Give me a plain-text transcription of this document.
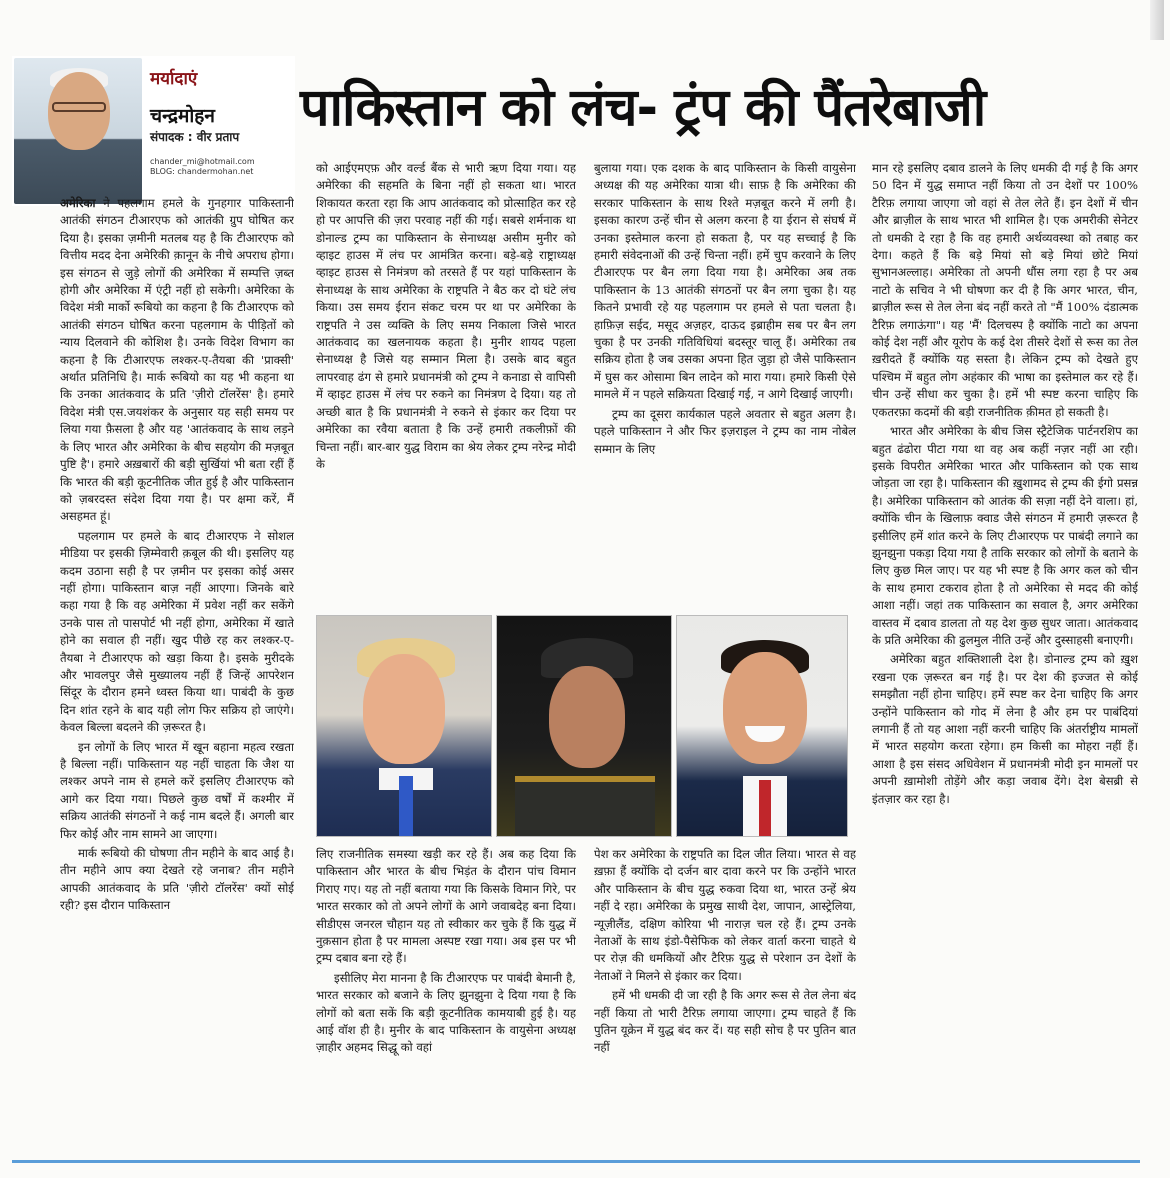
मर्यादाएं
चन्द्रमोहन
संपादक : वीर प्रताप
chander_mi@hotmail.com
BLOG: chandermohan.net
पाकिस्तान को लंच- ट्रंप की पैंतरेबाजी

अमेरिका ने पहलगाम हमले के गुनहगार पाकिस्तानी आतंकी संगठन टीआरएफ को आतंकी ग्रुप घोषित कर दिया है। इसका ज़मीनी मतलब यह है कि टीआरएफ को वित्तीय मदद देना अमेरिकी क़ानून के नीचे अपराध होगा। इस संगठन से जुड़े लोगों की अमेरिका में सम्पत्ति ज़ब्त होगी और अमेरिका में एंट्री नहीं हो सकेगी। अमेरिका के विदेश मंत्री मार्को रूबियो का कहना है कि टीआरएफ को आतंकी संगठन घोषित करना पहलगाम के पीड़ितों को न्याय दिलवाने की कोशिश है। उनके विदेश विभाग का कहना है कि टीआरएफ लश्कर-ए-तैयबा की 'प्राक्सी' अर्थात प्रतिनिधि है। मार्क रूबियो का यह भी कहना था कि उनका आतंकवाद के प्रति 'ज़ीरो टॉलरेंस' है। हमारे विदेश मंत्री एस.जयशंकर के अनुसार यह सही समय पर लिया गया फ़ैसला है और यह 'आतंकवाद के साथ लड़ने के लिए भारत और अमेरिका के बीच सहयोग की मज़बूत पुष्टि है'। हमारे अख़बारों की बड़ी सुर्खियां भी बता रहीं हैं कि भारत की बड़ी कूटनीतिक जीत हुई है और पाकिस्तान को ज़बरदस्त संदेश दिया गया है। पर क्षमा करें, मैं असहमत हूं।

पहलगाम पर हमले के बाद टीआरएफ ने सोशल मीडिया पर इसकी ज़िम्मेवारी क़बूल की थी। इसलिए यह कदम उठाना सही है पर ज़मीन पर इसका कोई असर नहीं होगा। पाकिस्तान बाज़ नहीं आएगा। जिनके बारे कहा गया है कि वह अमेरिका में प्रवेश नहीं कर सकेंगे उनके पास तो पासपोर्ट भी नहीं होगा, अमेरिका में खाते होने का सवाल ही नहीं। खुद पीछे रह कर लश्कर-ए-तैयबा ने टीआरएफ को खड़ा किया है। इसके मुरीदके और भावलपुर जैसे मुख्यालय नहीं हैं जिन्हें आपरेशन सिंदूर के दौरान हमने ध्वस्त किया था। पाबंदी के कुछ दिन शांत रहने के बाद यही लोग फिर सक्रिय हो जाएंगे। केवल बिल्ला बदलने की ज़रूरत है।

इन लोगों के लिए भारत में खून बहाना महत्व रखता है बिल्ला नहीं। पाकिस्तान यह नहीं चाहता कि जैश या लश्कर अपने नाम से हमले करें इसलिए टीआरएफ को आगे कर दिया गया। पिछले कुछ वर्षों में कश्मीर में सक्रिय आतंकी संगठनों ने कई नाम बदले हैं। अगली बार फिर कोई और नाम सामने आ जाएगा।

मार्क रूबियो की घोषणा तीन महीने के बाद आई है। तीन महीने आप क्या देखते रहे जनाब? तीन महीने आपकी आतंकवाद के प्रति 'ज़ीरो टॉलरेंस' क्यों सोई रही? इस दौरान पाकिस्तान

को आईएमएफ़ और वर्ल्ड बैंक से भारी ऋण दिया गया। यह अमेरिका की सहमति के बिना नहीं हो सकता था। भारत शिकायत करता रहा कि आप आतंकवाद को प्रोत्साहित कर रहे हो पर आपत्ति की ज़रा परवाह नहीं की गई। सबसे शर्मनाक था डोनाल्ड ट्रम्प का पाकिस्तान के सेनाध्यक्ष असीम मुनीर को व्हाइट हाउस में लंच पर आमंत्रित करना। बड़े-बड़े राष्ट्राध्यक्ष व्हाइट हाउस से निमंत्रण को तरसते हैं पर यहां पाकिस्तान के सेनाध्यक्ष के साथ अमेरिका के राष्ट्रपति ने बैठ कर दो घंटे लंच किया। उस समय ईरान संकट चरम पर था पर अमेरिका के राष्ट्रपति ने उस व्यक्ति के लिए समय निकाला जिसे भारत आतंकवाद का खलनायक कहता है। मुनीर शायद पहला सेनाध्यक्ष है जिसे यह सम्मान मिला है। उसके बाद बहुत लापरवाह ढंग से हमारे प्रधानमंत्री को ट्रम्प ने कनाडा से वापिसी में व्हाइट हाउस में लंच पर रुकने का निमंत्रण दे दिया। यह तो अच्छी बात है कि प्रधानमंत्री ने रुकने से इंकार कर दिया पर अमेरिका का रवैया बताता है कि उन्हें हमारी तकलीफ़ों की चिन्ता नहीं। बार-बार युद्ध विराम का श्रेय लेकर ट्रम्प नरेन्द्र मोदी के

बुलाया गया। एक दशक के बाद पाकिस्तान के किसी वायुसेना अध्यक्ष की यह अमेरिका यात्रा थी। साफ़ है कि अमेरिका की सरकार पाकिस्तान के साथ रिश्ते मज़बूत करने में लगी है। इसका कारण उन्हें चीन से अलग करना है या ईरान से संघर्ष में उनका इस्तेमाल करना हो सकता है, पर यह सच्चाई है कि हमारी संवेदनाओं की उन्हें चिन्ता नहीं। हमें चुप करवाने के लिए टीआरएफ पर बैन लगा दिया गया है। अमेरिका अब तक पाकिस्तान के 13 आतंकी संगठनों पर बैन लगा चुका है। यह कितने प्रभावी रहे यह पहलगाम पर हमले से पता चलता है। हाफ़िज़ सईद, मसूद अज़हर, दाऊद इब्राहीम सब पर बैन लग चुका है पर उनकी गतिविधियां बदस्तूर चालू हैं। अमेरिका तब सक्रिय होता है जब उसका अपना हित जुड़ा हो जैसे पाकिस्तान में घुस कर ओसामा बिन लादेन को मारा गया। हमारे किसी ऐसे मामले में न पहले सक्रियता दिखाई गई, न आगे दिखाई जाएगी।

ट्रम्प का दूसरा कार्यकाल पहले अवतार से बहुत अलग है। पहले पाकिस्तान ने और फिर इज़राइल ने ट्रम्प का नाम नोबेल सम्मान के लिए

लिए राजनीतिक समस्या खड़ी कर रहे हैं। अब कह दिया कि पाकिस्तान और भारत के बीच भिड़ंत के दौरान पांच विमान गिराए गए। यह तो नहीं बताया गया कि किसके विमान गिरे, पर भारत सरकार को तो अपने लोगों के आगे जवाबदेह बना दिया। सीडीएस जनरल चौहान यह तो स्वीकार कर चुके हैं कि युद्ध में नुक़सान होता है पर मामला अस्पष्ट रखा गया। अब इस पर भी ट्रम्प दबाव बना रहे हैं।

इसीलिए मेरा मानना है कि टीआरएफ पर पाबंदी बेमानी है, भारत सरकार को बजाने के लिए झुनझुना दे दिया गया है कि लोगों को बता सकें कि बड़ी कूटनीतिक कामयाबी हुई है। यह आई वॉश ही है। मुनीर के बाद पाकिस्तान के वायुसेना अध्यक्ष ज़ाहीर अहमद सिद्धू को वहां

पेश कर अमेरिका के राष्ट्रपति का दिल जीत लिया। भारत से वह ख़फ़ा हैं क्योंकि दो दर्जन बार दावा करने पर कि उन्होंने भारत और पाकिस्तान के बीच युद्ध रुकवा दिया था, भारत उन्हें श्रेय नहीं दे रहा। अमेरिका के प्रमुख साथी देश, जापान, आस्ट्रेलिया, न्यूज़ीलैंड, दक्षिण कोरिया भी नाराज़ चल रहे हैं। ट्रम्प उनके नेताओं के साथ इंडो-पैसेफिक को लेकर वार्ता करना चाहते थे पर रोज़ की धमकियों और टैरिफ़ युद्ध से परेशान उन देशों के नेताओं ने मिलने से इंकार कर दिया।

हमें भी धमकी दी जा रही है कि अगर रूस से तेल लेना बंद नहीं किया तो भारी टैरिफ़ लगाया जाएगा। ट्रम्प चाहते हैं कि पुतिन यूक्रेन में युद्ध बंद कर दें। यह सही सोच है पर पुतिन बात नहीं

मान रहे इसलिए दबाव डालने के लिए धमकी दी गई है कि अगर 50 दिन में युद्ध समाप्त नहीं किया तो उन देशों पर 100% टैरिफ़ लगाया जाएगा जो वहां से तेल लेते हैं। इन देशों में चीन और ब्राज़ील के साथ भारत भी शामिल है। एक अमरीकी सेनेटर तो धमकी दे रहा है कि वह हमारी अर्थव्यवस्था को तबाह कर देगा। कहते हैं कि बड़े मियां सो बड़े मियां छोटे मियां सुभानअल्लाह। अमेरिका तो अपनी धौंस लगा रहा है पर अब नाटो के सचिव ने भी घोषणा कर दी है कि अगर भारत, चीन, ब्राज़ील रूस से तेल लेना बंद नहीं करते तो "मैं 100% दंडात्मक टैरिफ़ लगाऊंगा"। यह 'मैं' दिलचस्प है क्योंकि नाटो का अपना कोई देश नहीं और यूरोप के कई देश तीसरे देशों से रूस का तेल ख़रीदते हैं क्योंकि यह सस्ता है। लेकिन ट्रम्प को देखते हुए पश्चिम में बहुत लोग अहंकार की भाषा का इस्तेमाल कर रहे हैं। चीन उन्हें सीधा कर चुका है। हमें भी स्पष्ट करना चाहिए कि एकतरफ़ा कदमों की बड़ी राजनीतिक क़ीमत हो सकती है।

भारत और अमेरिका के बीच जिस स्ट्रैटेजिक पार्टनरशिप का बहुत ढंढोरा पीटा गया था वह अब कहीं नज़र नहीं आ रही। इसके विपरीत अमेरिका भारत और पाकिस्तान को एक साथ जोड़ता जा रहा है। पाकिस्तान की ख़ुशामद से ट्रम्प की ईगो प्रसन्न है। अमेरिका पाकिस्तान को आतंक की सज़ा नहीं देने वाला। हां, क्योंकि चीन के खिलाफ़ क्वाड जैसे संगठन में हमारी ज़रूरत है इसीलिए हमें शांत करने के लिए टीआरएफ पर पाबंदी लगाने का झुनझुना पकड़ा दिया गया है ताकि सरकार को लोगों के बताने के लिए कुछ मिल जाए। पर यह भी स्पष्ट है कि अगर कल को चीन के साथ हमारा टकराव होता है तो अमेरिका से मदद की कोई आशा नहीं। जहां तक पाकिस्तान का सवाल है, अगर अमेरिका वास्तव में दबाव डालता तो यह देश कुछ सुधर जाता। आतंकवाद के प्रति अमेरिका की ढुलमुल नीति उन्हें और दुस्साहसी बनाएगी।

अमेरिका बहुत शक्तिशाली देश है। डोनाल्ड ट्रम्प को ख़ुश रखना एक ज़रूरत बन गई है। पर देश की इज्जत से कोई समझौता नहीं होना चाहिए। हमें स्पष्ट कर देना चाहिए कि अगर उन्होंने पाकिस्तान को गोद में लेना है और हम पर पाबंदियां लगानी हैं तो यह आशा नहीं करनी चाहिए कि अंतर्राष्ट्रीय मामलों में भारत सहयोग करता रहेगा। हम किसी का मोहरा नहीं हैं। आशा है इस संसद अधिवेशन में प्रधानमंत्री मोदी इन मामलों पर अपनी ख़ामोशी तोड़ेंगे और कड़ा जवाब देंगे। देश बेसब्री से इंतज़ार कर रहा है।
